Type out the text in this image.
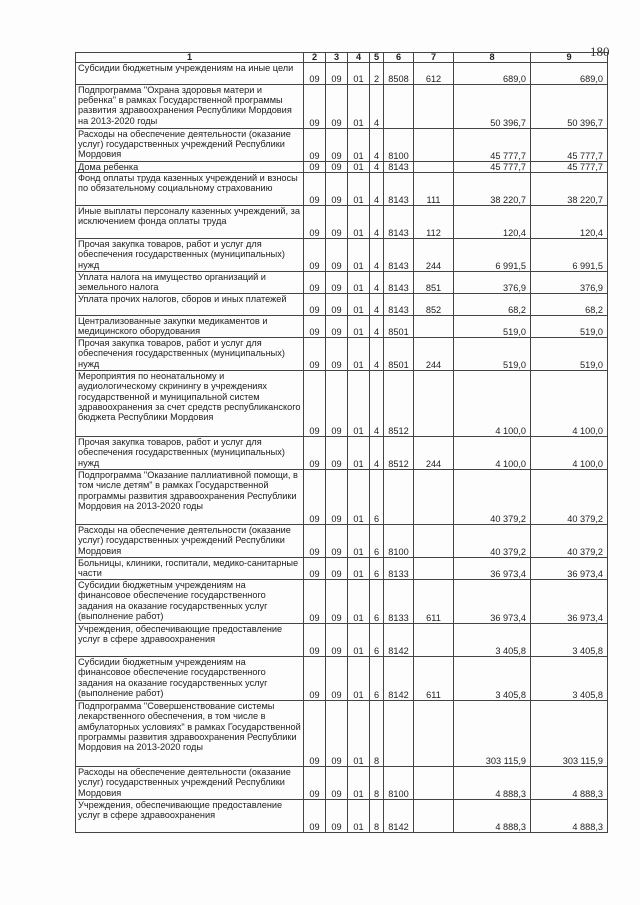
180
1	2	3	4	5	6	7	8	9
Субсидии бюджетным учреждениям на иные цели	09	09	01	2	8508	612	689,0	689,0
Подпрограмма "Охрана здоровья матери и ребенка" в рамках Государственной программы развития здравоохранения Республики Мордовия на 2013-2020 годы	09	09	01	4			50 396,7	50 396,7
Расходы на обеспечение деятельности (оказание услуг) государственных учреждений Республики Мордовия	09	09	01	4	8100		45 777,7	45 777,7
Дома ребенка	09	09	01	4	8143		45 777,7	45 777,7
Фонд оплаты труда казенных учреждений и взносы по обязательному социальному страхованию	09	09	01	4	8143	111	38 220,7	38 220,7
Иные выплаты персоналу казенных учреждений, за исключением фонда оплаты труда	09	09	01	4	8143	112	120,4	120,4
Прочая закупка товаров, работ и услуг для обеспечения государственных (муниципальных) нужд	09	09	01	4	8143	244	6 991,5	6 991,5
Уплата налога на имущество организаций и земельного налога	09	09	01	4	8143	851	376,9	376,9
Уплата прочих налогов, сборов и иных платежей	09	09	01	4	8143	852	68,2	68,2
Централизованные закупки медикаментов и медицинского оборудования	09	09	01	4	8501		519,0	519,0
Прочая закупка товаров, работ и услуг для обеспечения государственных (муниципальных) нужд	09	09	01	4	8501	244	519,0	519,0
Мероприятия по неонатальному и аудиологическому скринингу в учреждениях государственной и муниципальной систем здравоохранения за счет средств республиканского бюджета Республики Мордовия	09	09	01	4	8512		4 100,0	4 100,0
Прочая закупка товаров, работ и услуг для обеспечения государственных (муниципальных) нужд	09	09	01	4	8512	244	4 100,0	4 100,0
Подпрограмма "Оказание паллиативной помощи, в том числе детям" в рамках Государственной программы развития здравоохранения Республики Мордовия на 2013-2020 годы	09	09	01	6			40 379,2	40 379,2
Расходы на обеспечение деятельности (оказание услуг) государственных учреждений Республики Мордовия	09	09	01	6	8100		40 379,2	40 379,2
Больницы, клиники, госпитали, медико-санитарные части	09	09	01	6	8133		36 973,4	36 973,4
Субсидии бюджетным учреждениям на финансовое обеспечение государственного задания на оказание государственных услуг (выполнение работ)	09	09	01	6	8133	611	36 973,4	36 973,4
Учреждения, обеспечивающие предоставление услуг в сфере здравоохранения	09	09	01	6	8142		3 405,8	3 405,8
Субсидии бюджетным учреждениям на финансовое обеспечение государственного задания на оказание государственных услуг (выполнение работ)	09	09	01	6	8142	611	3 405,8	3 405,8
Подпрограмма "Совершенствование системы лекарственного обеспечения, в том числе в амбулаторных условиях" в рамках Государственной программы развития здравоохранения Республики Мордовия на 2013-2020 годы	09	09	01	8			303 115,9	303 115,9
Расходы на обеспечение деятельности (оказание услуг) государственных учреждений Республики Мордовия	09	09	01	8	8100		4 888,3	4 888,3
Учреждения, обеспечивающие предоставление услуг в сфере здравоохранения	09	09	01	8	8142		4 888,3	4 888,3
